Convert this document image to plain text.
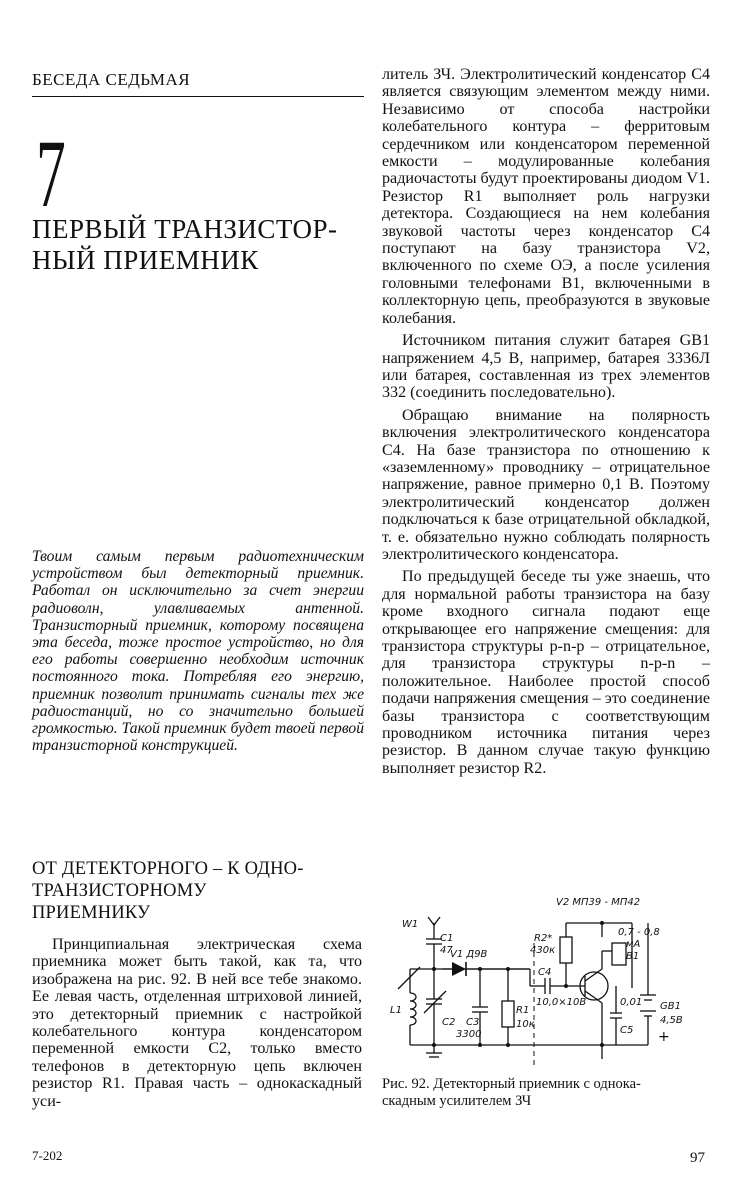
БЕСЕДА СЕДЬМАЯ
7
ПЕРВЫЙ ТРАНЗИСТОР-
НЫЙ ПРИЕМНИК

литель ЗЧ. Электролитический конденсатор С4 является связующим элементом между ними. Независимо от способа настройки колебательного контура – ферритовым сердечником или конденсатором переменной емкости – модулированные колебания радиочастоты будут проектированы диодом V1. Резистор R1 выполняет роль нагрузки детектора. Создающиеся на нем колебания звуковой частоты через конденсатор С4 поступают на базу транзистора V2, включенного по схеме ОЭ, а после усиления головными телефонами В1, включенными в коллекторную цепь, преобразуются в звуковые колебания.

Источником питания служит батарея GB1 напряжением 4,5 В, например, батарея 3336Л или батарея, составленная из трех элементов 332 (соединить последовательно).

Обращаю внимание на полярность включения электролитического конденсатора С4. На базе транзистора по отношению к «заземленному» проводнику – отрицательное напряжение, равное примерно 0,1 В. Поэтому электролитический конденсатор должен подключаться к базе отрицательной обкладкой, т. е. обязательно нужно соблюдать полярность электролитического конденсатора.

По предыдущей беседе ты уже знаешь, что для нормальной работы транзистора на базу кроме входного сигнала подают еще открывающее его напряжение смещения: для транзистора структуры p-n-p – отрицательное, для транзистора структуры n-p-n – положительное. Наиболее простой способ подачи напряжения смещения – это соединение базы транзистора с соответствующим проводником источника питания через резистор. В данном случае такую функцию выполняет резистор R2.

Твоим самым первым радиотехническим устройством был детекторный приемник. Работал он исключительно за счет энергии радиоволн, улавливаемых антенной. Транзисторный приемник, которому посвящена эта беседа, тоже простое устройство, но для его работы совершенно необходим источник постоянного тока. Потребляя его энергию, приемник позволит принимать сигналы тех же радиостанций, но со значительно большей громкостью. Такой приемник будет твоей первой транзисторной конструкцией.
ОТ ДЕТЕКТОРНОГО – К ОДНО-
ТРАНЗИСТОРНОМУ
ПРИЕМНИКУ

Принципиальная электрическая схема приемника может быть такой, как та, что изображена на рис. 92. В ней все тебе знакомо. Ее левая часть, отделенная штриховой линией, это детекторный приемник с настройкой колебательного контура конденсатором переменной емкости С2, только вместо телефонов в детекторную цепь включен резистор R1. Правая часть – однокаскадный уси-

V2 МП39 - МП42
W1
C1
47
V1 Д9В
R2*
430к
C4
10,0×10В
0,7 - 0,8
мА
B1
L1
C2 C3
3300
R1
10к
C5
0,01 GB1
4,5В
+
Рис. 92. Детекторный приемник с однока-
скадным усилителем ЗЧ
7-202	97
